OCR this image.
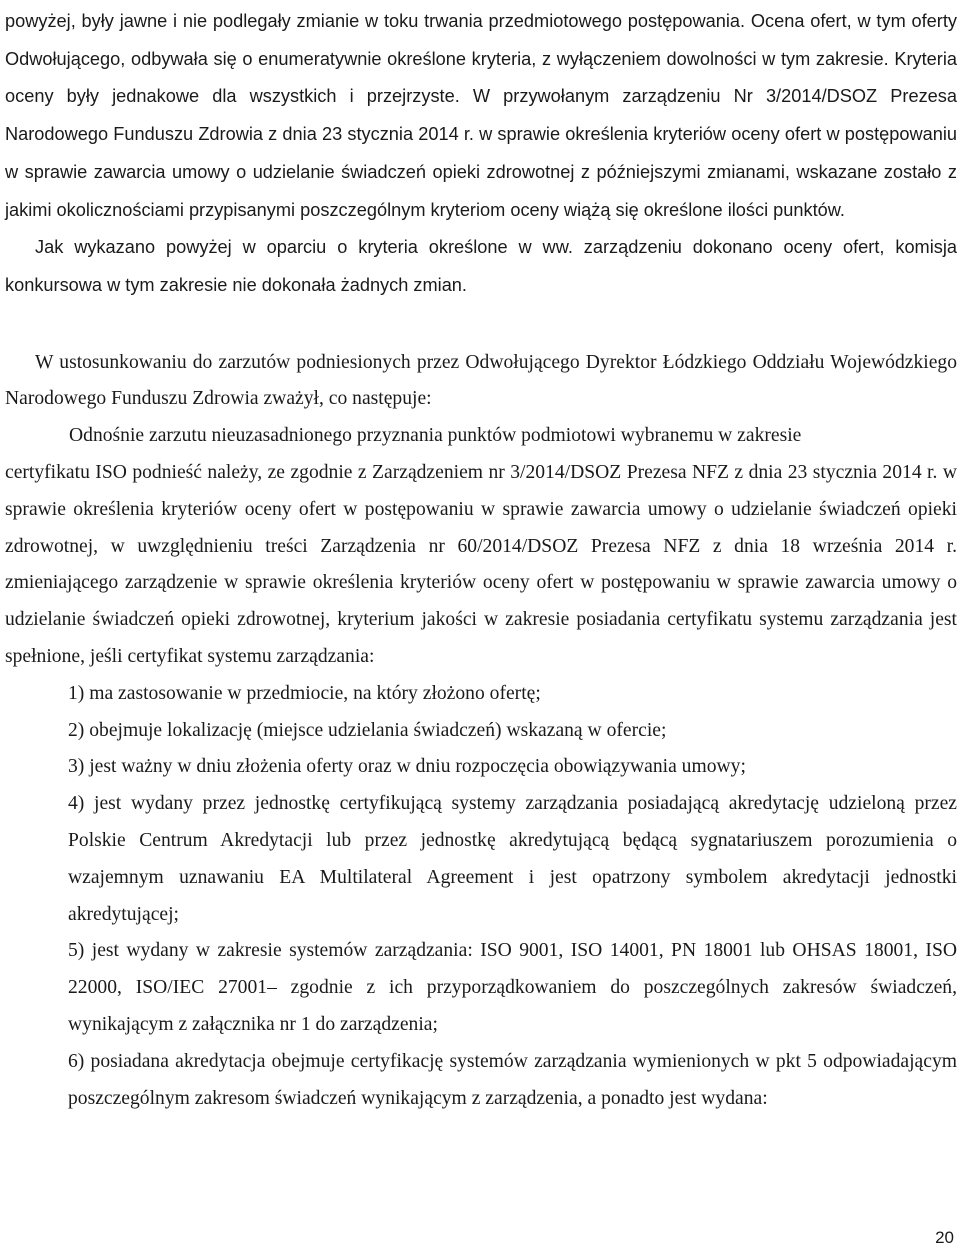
powyżej, były jawne i nie podlegały zmianie w toku trwania przedmiotowego postępowania. Ocena ofert, w tym oferty Odwołującego, odbywała się o enumeratywnie określone kryteria, z wyłączeniem dowolności w tym zakresie. Kryteria oceny były jednakowe dla wszystkich i przejrzyste. W przywołanym zarządzeniu Nr 3/2014/DSOZ Prezesa Narodowego Funduszu Zdrowia z dnia 23 stycznia 2014 r. w sprawie określenia kryteriów oceny ofert w postępowaniu w sprawie zawarcia umowy o udzielanie świadczeń opieki zdrowotnej z późniejszymi zmianami, wskazane zostało z jakimi okolicznościami przypisanymi poszczególnym kryteriom oceny wiążą się określone ilości punktów.

Jak wykazano powyżej w oparciu o kryteria określone w ww. zarządzeniu dokonano oceny ofert, komisja konkursowa w tym zakresie nie dokonała żadnych zmian.

W ustosunkowaniu do zarzutów podniesionych przez Odwołującego Dyrektor Łódzkiego Oddziału Wojewódzkiego Narodowego Funduszu Zdrowia zważył, co następuje:

Odnośnie zarzutu nieuzasadnionego przyznania punktów podmiotowi wybranemu w zakresie

certyfikatu ISO podnieść należy, ze zgodnie z Zarządzeniem nr 3/2014/DSOZ Prezesa NFZ z dnia 23 stycznia 2014 r. w sprawie określenia kryteriów oceny ofert w postępowaniu w sprawie zawarcia umowy o udzielanie świadczeń opieki zdrowotnej, w uwzględnieniu treści Zarządzenia nr 60/2014/DSOZ Prezesa NFZ z dnia 18 września 2014 r. zmieniającego zarządzenie w sprawie określenia kryteriów oceny ofert w postępowaniu w sprawie zawarcia umowy o udzielanie świadczeń opieki zdrowotnej, kryterium jakości w zakresie posiadania certyfikatu systemu zarządzania jest spełnione, jeśli certyfikat systemu zarządzania:

1) ma zastosowanie w przedmiocie, na który złożono ofertę;
2) obejmuje lokalizację (miejsce udzielania świadczeń) wskazaną w ofercie;
3) jest ważny w dniu złożenia oferty oraz w dniu rozpoczęcia obowiązywania umowy;
4) jest wydany przez jednostkę certyfikującą systemy zarządzania posiadającą akredytację udzieloną przez Polskie Centrum Akredytacji lub przez jednostkę akredytującą będącą sygnatariuszem porozumienia o wzajemnym uznawaniu EA Multilateral Agreement i jest opatrzony symbolem akredytacji jednostki akredytującej;
5) jest wydany w zakresie systemów zarządzania: ISO 9001, ISO 14001, PN 18001 lub OHSAS 18001, ISO 22000, ISO/IEC 27001– zgodnie z ich przyporządkowaniem do poszczególnych zakresów świadczeń, wynikającym z załącznika nr 1 do zarządzenia;
6) posiadana akredytacja obejmuje certyfikację systemów zarządzania wymienionych w pkt 5 odpowiadającym poszczególnym zakresom świadczeń wynikającym z zarządzenia, a ponadto jest wydana:
20
